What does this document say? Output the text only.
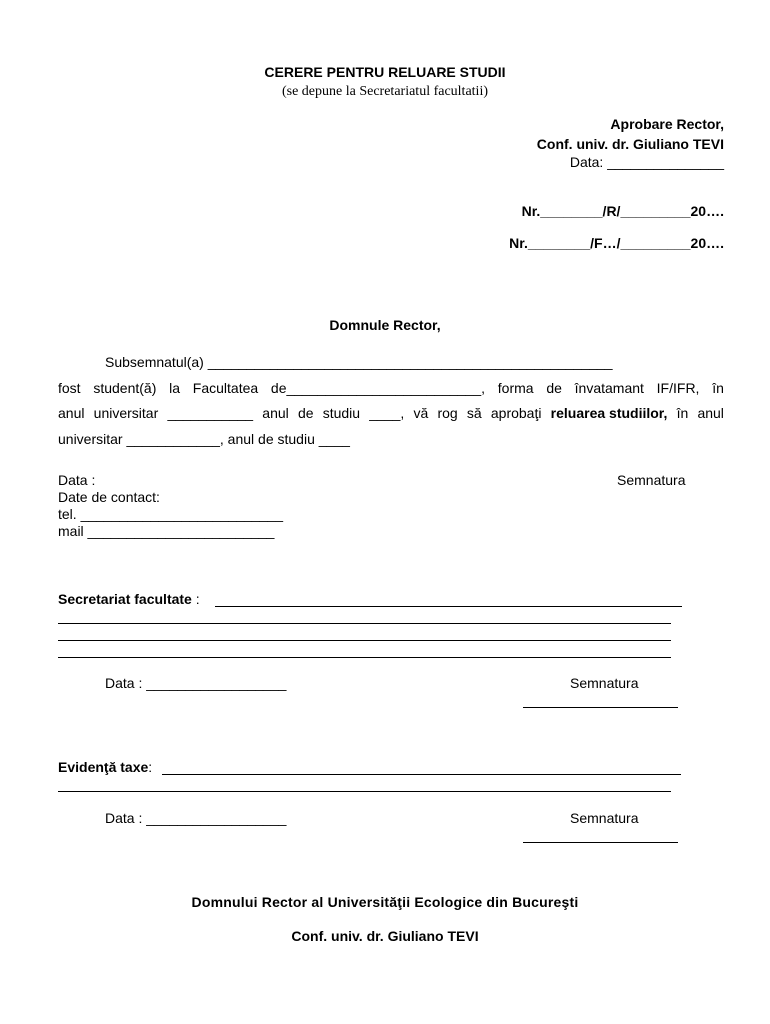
CERERE PENTRU RELUARE STUDII
(se depune la Secretariatul facultatii)
Aprobare Rector,
Conf. univ. dr. Giuliano TEVI
Data: _______________
Nr.________/R/_________20….
Nr.________/F…/_________20….
Domnule Rector,
Subsemnatul(a) ____________________________________________________
fost student(ă) la Facultatea de_________________________, forma de învatamant IF/IFR, în
anul universitar ___________ anul de studiu ____, vă rog să aprobaţi reluarea studiilor, în anul
universitar ____________, anul de studiu ____
Data :	Semnatura
Date de contact:
tel. __________________________
mail ________________________
Secretariat facultate :
Data : __________________	Semnatura
Evidenţă taxe:
Data : __________________	Semnatura
Domnului Rector al Universităţii Ecologice din Bucureşti
Conf. univ. dr. Giuliano TEVI
